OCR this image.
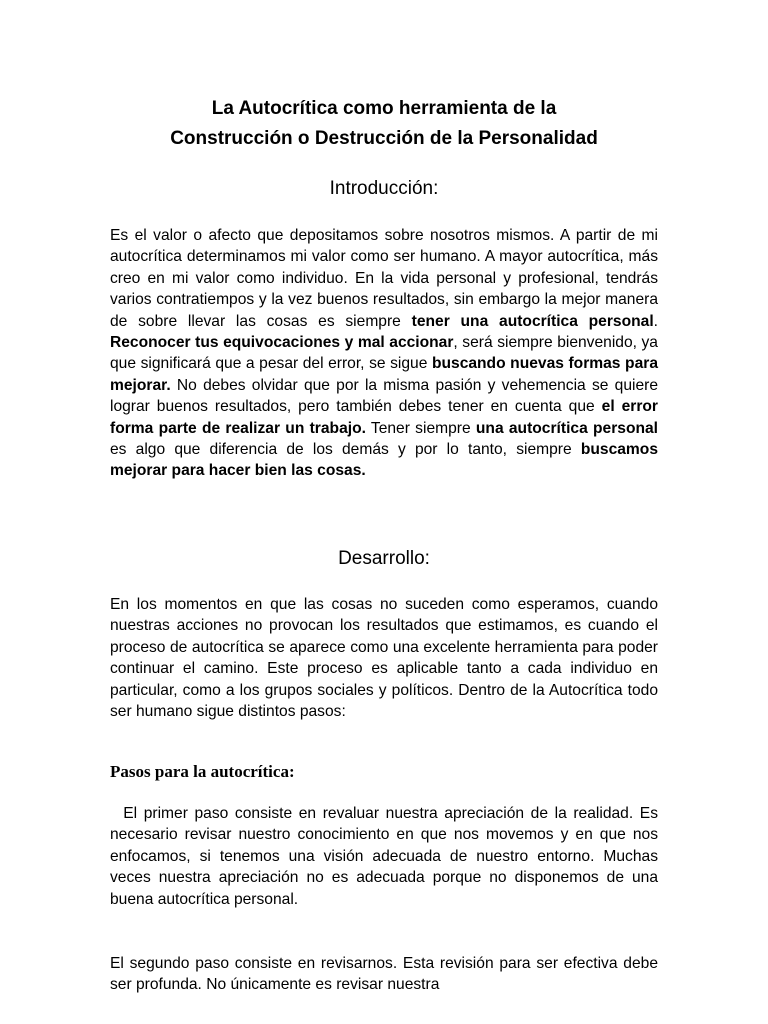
La Autocrítica como herramienta de la
Construcción o Destrucción de la Personalidad
Introducción:

Es el valor o afecto que depositamos sobre nosotros mismos. A partir de mi autocrítica determinamos mi valor como ser humano. A mayor autocrítica, más creo en mi valor como individuo. En la vida personal y profesional, tendrás varios contratiempos y la vez buenos resultados, sin embargo la mejor manera de sobre llevar las cosas es siempre tener una autocrítica personal. Reconocer tus equivocaciones y mal accionar, será siempre bienvenido, ya que significará que a pesar del error, se sigue buscando nuevas formas para mejorar. No debes olvidar que por la misma pasión y vehemencia se quiere lograr buenos resultados, pero también debes tener en cuenta que el error forma parte de realizar un trabajo. Tener siempre una autocrítica personal es algo que diferencia de los demás y por lo tanto, siempre buscamos mejorar para hacer bien las cosas.

Desarrollo:

En los momentos en que las cosas no suceden como esperamos, cuando nuestras acciones no provocan los resultados que estimamos, es cuando el proceso de autocrítica se aparece como una excelente herramienta para poder continuar el camino. Este proceso es aplicable tanto a cada individuo en particular, como a los grupos sociales y políticos. Dentro de la Autocrítica todo ser humano sigue distintos pasos:

Pasos para la autocrítica:

El primer paso consiste en revaluar nuestra apreciación de la realidad. Es necesario revisar nuestro conocimiento en que nos movemos y en que nos enfocamos, si tenemos una visión adecuada de nuestro entorno. Muchas veces nuestra apreciación no es adecuada porque no disponemos de una buena autocrítica personal.

El segundo paso consiste en revisarnos. Esta revisión para ser efectiva debe ser profunda. No únicamente es revisar nuestra
